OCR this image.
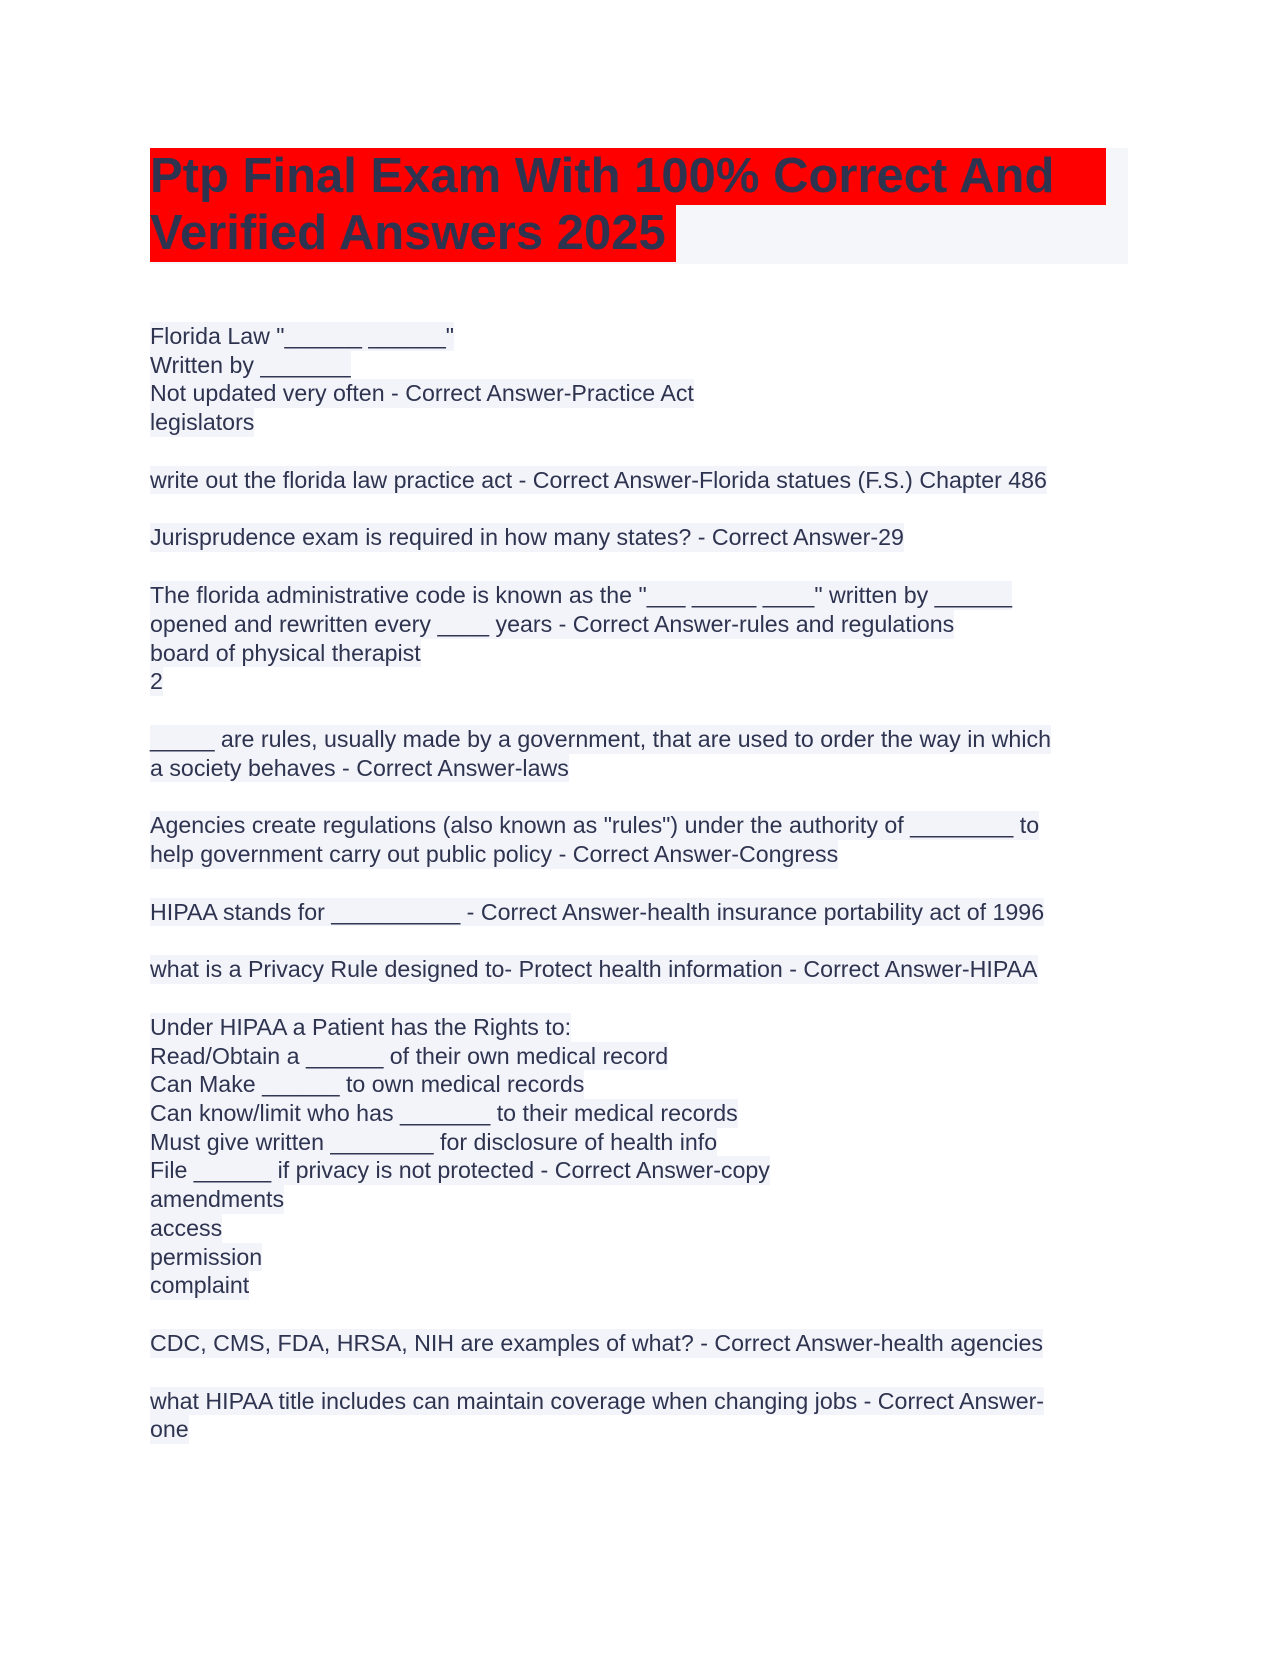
Ptp Final Exam With 100% Correct And
Verified Answers 2025
Florida Law "______ ______"
Written by _______
Not updated very often - Correct Answer-Practice Act
legislators
write out the florida law practice act - Correct Answer-Florida statues (F.S.) Chapter 486
Jurisprudence exam is required in how many states? - Correct Answer-29
The florida administrative code is known as the "___ _____ ____" written by ______
opened and rewritten every ____ years - Correct Answer-rules and regulations
board of physical therapist
2
_____ are rules, usually made by a government, that are used to order the way in which
a society behaves - Correct Answer-laws
Agencies create regulations (also known as "rules") under the authority of ________ to
help government carry out public policy - Correct Answer-Congress
HIPAA stands for __________ - Correct Answer-health insurance portability act of 1996
what is a Privacy Rule designed to- Protect health information - Correct Answer-HIPAA
Under HIPAA a Patient has the Rights to:
Read/Obtain a ______ of their own medical record
Can Make ______ to own medical records
Can know/limit who has _______ to their medical records
Must give written ________ for disclosure of health info
File ______ if privacy is not protected - Correct Answer-copy
amendments
access
permission
complaint
CDC, CMS, FDA, HRSA, NIH are examples of what? - Correct Answer-health agencies
what HIPAA title includes can maintain coverage when changing jobs - Correct Answer-
one
